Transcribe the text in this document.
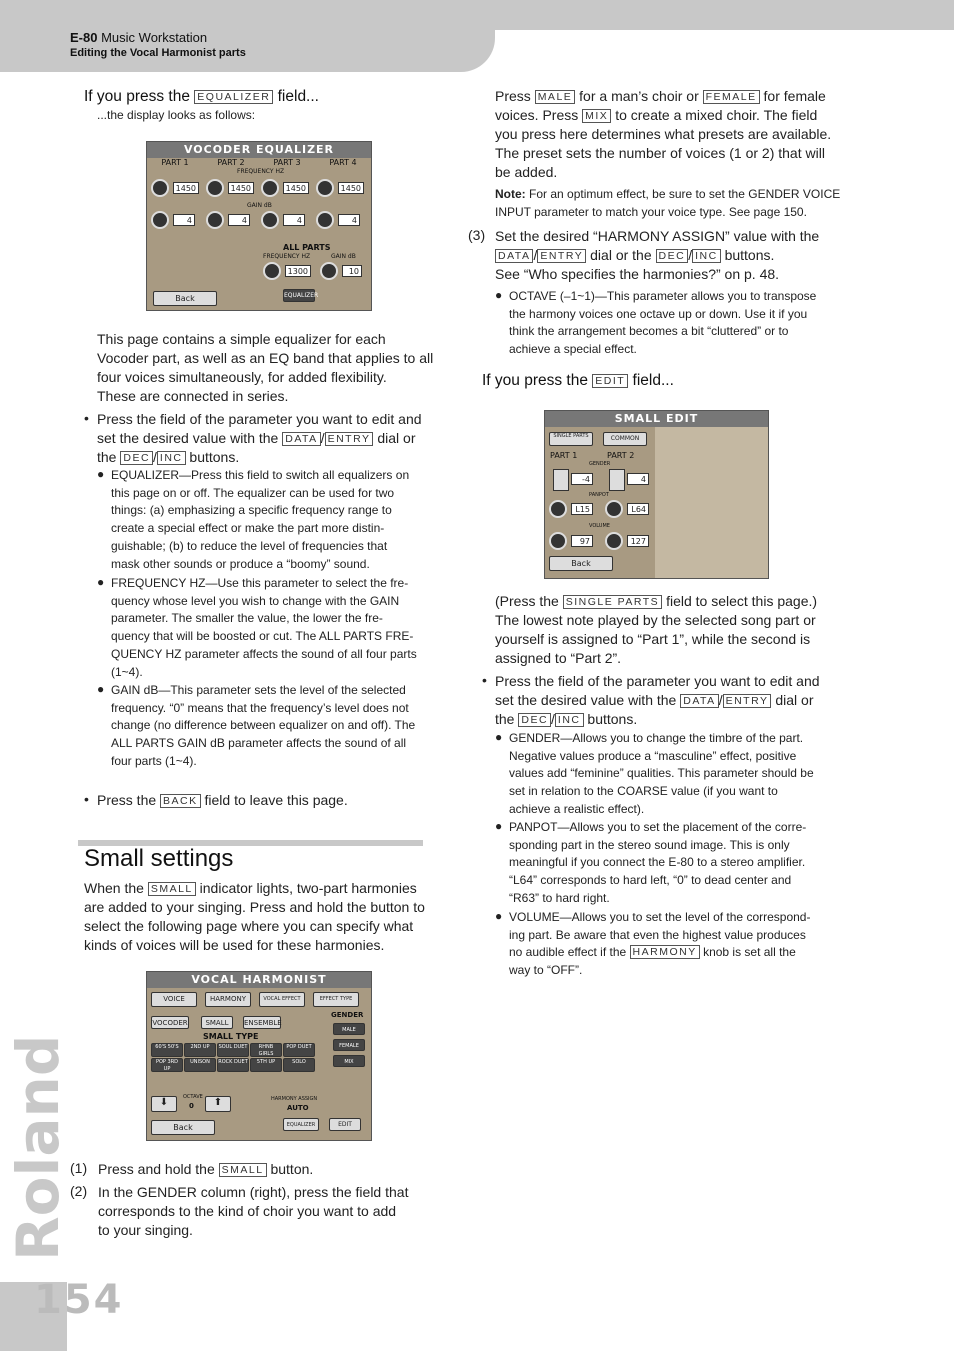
E-80 Music Workstation
Editing the Vocal Harmonist parts
Roland
154
If you press the EQUALIZER field...
...the display looks as follows:
VOCODER EQUALIZER
PART 1	PART 2	PART 3	PART 4
FREQUENCY HZ
1450	1450	1450	1450
GAIN dB
4	4	4	4
ALL PARTS
FREQUENCY HZ	GAIN dB
1300	10
Back	EQUALIZER
This page contains a simple equalizer for each
Vocoder part, as well as an EQ band that applies to all
four voices simultaneously, for added flexibility.
These are connected in series.
• Press the field of the parameter you want to edit and
set the desired value with the DATA / ENTRY dial or
the DEC / INC buttons.
● EQUALIZER—Press this field to switch all equalizers on
this page on or off. The equalizer can be used for two
things: (a) emphasizing a specific frequency range to
create a special effect or make the part more distin-
guishable; (b) to reduce the level of frequencies that
mask other sounds or produce a “boomy” sound.
● FREQUENCY HZ—Use this parameter to select the fre-
quency whose level you wish to change with the GAIN
parameter. The smaller the value, the lower the fre-
quency that will be boosted or cut. The ALL PARTS FRE-
QUENCY HZ parameter affects the sound of all four parts
(1~4).
● GAIN dB—This parameter sets the level of the selected
frequency. “0” means that the frequency’s level does not
change (no difference between equalizer on and off). The
ALL PARTS GAIN dB parameter affects the sound of all
four parts (1~4).
• Press the BACK field to leave this page.
Small settings
When the SMALL indicator lights, two-part harmonies
are added to your singing. Press and hold the button to
select the following page where you can specify what
kinds of voices will be used for these harmonies.
VOCAL HARMONIST
VOICE	HARMONY	VOCAL EFFECT	EFFECT TYPE
VOCODER	SMALL	ENSEMBLE
SMALL TYPE
60'S 50'S	2ND UP	SOUL DUET	RHNB GIRLS
POP DUET
POP 3RD UP
UNISON	ROCK DUET	5TH UP	SOLO
GENDER
MALE
FEMALE
MIX
⬇	OCTAVE
0	⬆	HARMONY ASSIGN
AUTO
Back	EQUALIZER	EDIT
(1) Press and hold the SMALL button.
(2) In the GENDER column (right), press the field that
corresponds to the kind of choir you want to add
to your singing.
Press MALE for a man’s choir or FEMALE for female
voices. Press MIX to create a mixed choir. The field
you press here determines what presets are available.
The preset sets the number of voices (1 or 2) that will
be added.
Note: For an optimum effect, be sure to set the GENDER VOICE
INPUT parameter to match your voice type. See page 150.
(3) Set the desired “HARMONY ASSIGN” value with the
DATA / ENTRY dial or the DEC / INC buttons.
See “Who specifies the harmonies?” on p. 48.
● OCTAVE (–1~1)—This parameter allows you to transpose
the harmony voices one octave up or down. Use it if you
think the arrangement becomes a bit “cluttered” or to
achieve a special effect.
If you press the EDIT field...
SMALL EDIT
SINGLE PARTS	COMMON
PART 1	PART 2
GENDER
-4	4
PANPOT
L15	L64
VOLUME
97	127
Back
(Press the SINGLE PARTS field to select this page.)
The lowest note played by the selected song part or
yourself is assigned to “Part 1”, while the second is
assigned to “Part 2”.
• Press the field of the parameter you want to edit and
set the desired value with the DATA / ENTRY dial or
the DEC / INC buttons.
● GENDER—Allows you to change the timbre of the part.
Negative values produce a “masculine” effect, positive
values add “feminine” qualities. This parameter should be
set in relation to the COARSE value (if you want to
achieve a realistic effect).
● PANPOT—Allows you to set the placement of the corre-
sponding part in the stereo sound image. This is only
meaningful if you connect the E-80 to a stereo amplifier.
“L64” corresponds to hard left, “0” to dead center and
“R63” to hard right.
● VOLUME—Allows you to set the level of the correspond-
ing part. Be aware that even the highest value produces
no audible effect if the HARMONY knob is set all the
way to “OFF”.
